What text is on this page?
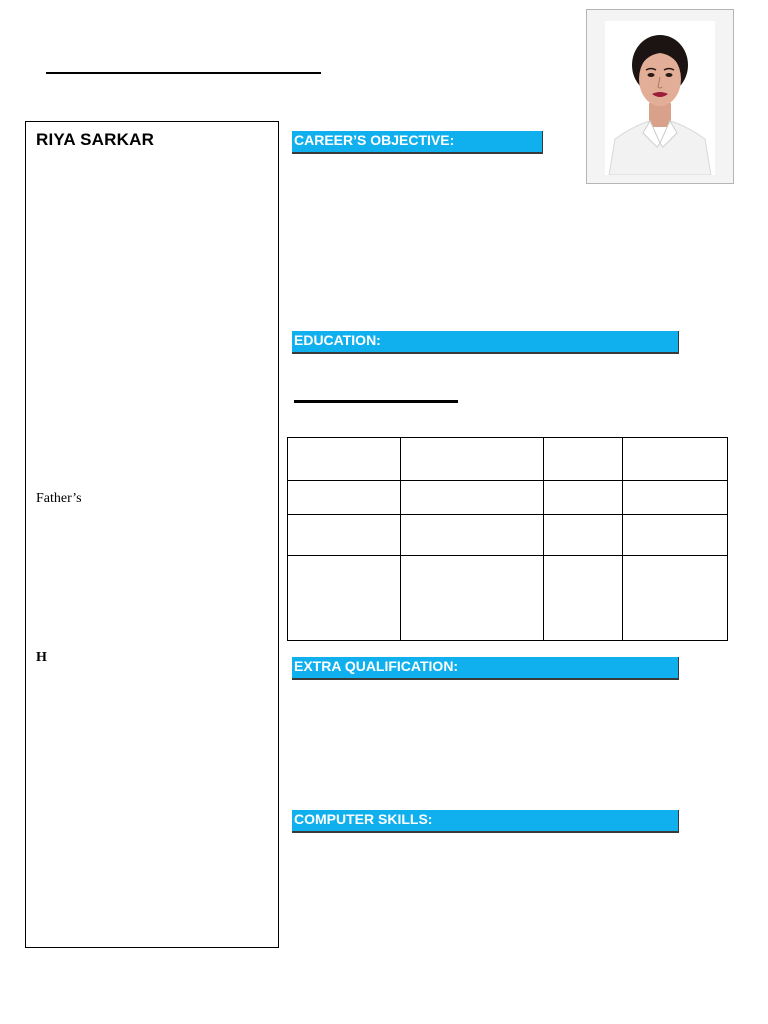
RIYA SARKAR
Father’s
H
CAREER’S OBJECTIVE:
EDUCATION:

EXTRA QUALIFICATION:
COMPUTER SKILLS:
